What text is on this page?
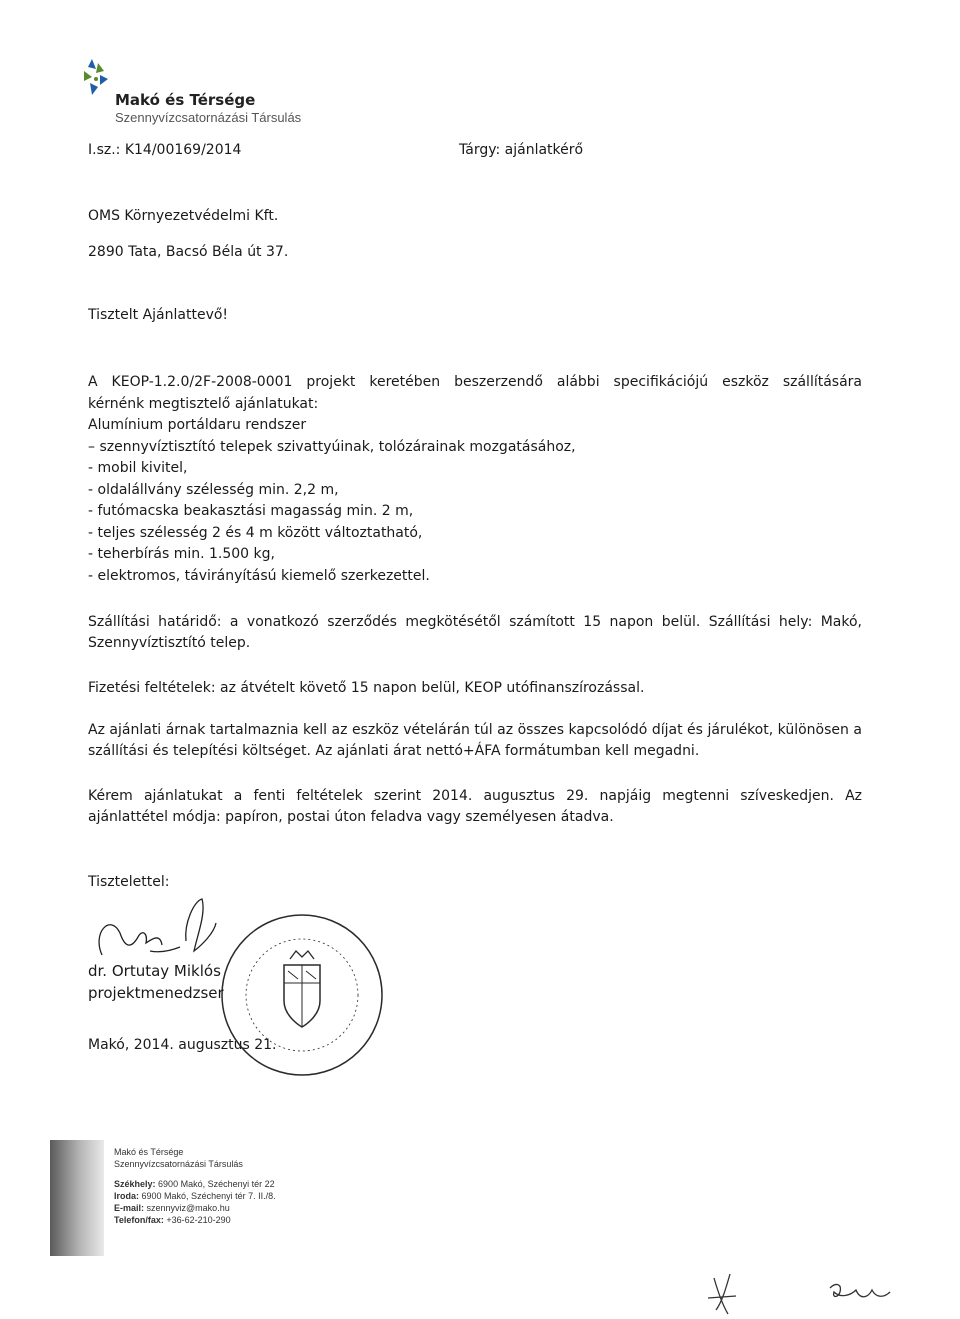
Makó és Térsége
Szennyvízcsatornázási Társulás
I.sz.: K14/00169/2014	Tárgy: ajánlatkérő
OMS Környezetvédelmi Kft.
2890 Tata, Bacsó Béla út 37.
Tisztelt Ajánlattevő!
A KEOP-1.2.0/2F-2008-0001 projekt keretében beszerzendő alábbi specifikációjú eszköz szállítására
kérnénk megtisztelő ajánlatukat:
Alumínium portáldaru rendszer
– szennyvíztisztító telepek szivattyúinak, tolózárainak mozgatásához,
- mobil kivitel,
- oldalállvány szélesség min. 2,2 m,
- futómacska beakasztási magasság min. 2 m,
- teljes szélesség 2 és 4 m között változtatható,
- teherbírás min. 1.500 kg,
- elektromos, távirányítású kiemelő szerkezettel.

Szállítási határidő: a vonatkozó szerződés megkötésétől számított 15 napon belül. Szállítási hely: Makó, Szennyvíztisztító telep.

Fizetési feltételek: az átvételt követő 15 napon belül, KEOP utófinanszírozással.

Az ajánlati árnak tartalmaznia kell az eszköz vételárán túl az összes kapcsolódó díjat és járulékot, különösen a szállítási és telepítési költséget. Az ajánlati árat nettó+ÁFA formátumban kell megadni.

Kérem ajánlatukat a fenti feltételek szerint 2014. augusztus 29. napjáig megtenni szíveskedjen. Az ajánlattétel módja: papíron, postai úton feladva vagy személyesen átadva.

Tisztelettel:
dr. Ortutay Miklós
projektmenedzser
Makó, 2014. augusztus 21.
Makó és Térsége
Szennyvízcsatornázási Társulás
Székhely: 6900 Makó, Széchenyi tér 22
Iroda: 6900 Makó, Széchenyi tér 7. II./8.
E-mail: szennyviz@mako.hu
Telefon/fax: +36-62-210-290
